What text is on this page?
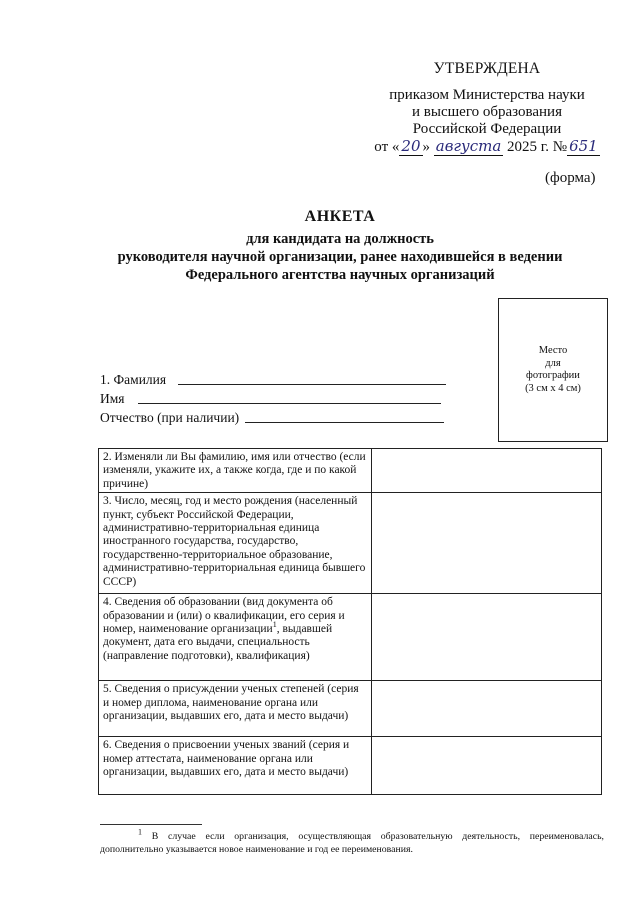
УТВЕРЖДЕНА
приказом Министерства науки
и высшего образования
Российской Федерации
от « 20 » августа 2025 г. № 651
(форма)
АНКЕТА
для кандидата на должность
руководителя научной организации, ранее находившейся в ведении
Федерального агентства научных организаций
Место
для
фотографии
(3 см х 4 см)
1. Фамилия
Имя
Отчество (при наличии)
2. Изменяли ли Вы фамилию, имя или отчество (если изменяли, укажите их, а также когда, где и по какой причине)	
3. Число, месяц, год и место рождения (населенный пункт, субъект Российской Федерации, административно-территориальная единица иностранного государства, государство, государственно-территориальное образование, административно-территориальная единица бывшего СССР)	
4. Сведения об образовании (вид документа об образовании и (или) о квалификации, его серия и номер, наименование организации$^1$, выдавшей документ, дата его выдачи, специальность (направление подготовки), квалификация)	
5. Сведения о присуждении ученых степеней (серия и номер диплома, наименование органа или организации, выдавших его, дата и место выдачи)	
6. Сведения о присвоении ученых званий (серия и номер аттестата, наименование органа или организации, выдавших его, дата и место выдачи)	
$^1$ В случае если организация, осуществляющая образовательную деятельность, переименовалась, дополнительно указывается новое наименование и год ее переименования.
